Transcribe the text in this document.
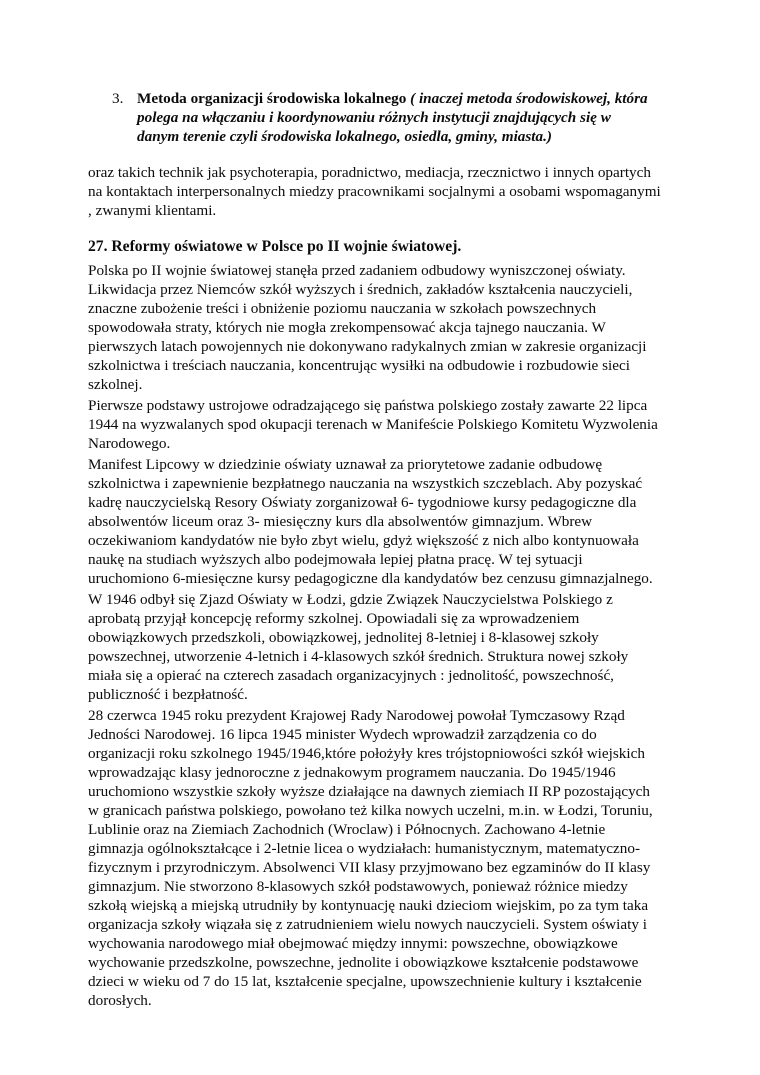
3. Metoda organizacji środowiska lokalnego ( inaczej metoda środowiskowej, która
polega na włączaniu i koordynowaniu różnych instytucji znajdujących się w
danym terenie czyli środowiska lokalnego, osiedla, gminy, miasta.)
oraz takich technik jak psychoterapia, poradnictwo, mediacja, rzecznictwo i innych opartych
na kontaktach interpersonalnych miedzy pracownikami socjalnymi a osobami wspomaganymi
, zwanymi klientami.
27. Reformy oświatowe w Polsce po II wojnie światowej.
Polska po II wojnie światowej stanęła przed zadaniem odbudowy wyniszczonej oświaty.
Likwidacja przez Niemców szkół wyższych i średnich, zakładów kształcenia nauczycieli,
znaczne zubożenie treści i obniżenie poziomu nauczania w szkołach powszechnych
spowodowała straty, których nie mogła zrekompensować akcja tajnego nauczania. W
pierwszych latach powojennych nie dokonywano radykalnych zmian w zakresie organizacji
szkolnictwa i treściach nauczania, koncentrując wysiłki na odbudowie i rozbudowie sieci
szkolnej.
Pierwsze podstawy ustrojowe odradzającego się państwa polskiego zostały zawarte 22 lipca
1944 na wyzwalanych spod okupacji terenach w Manifeście Polskiego Komitetu Wyzwolenia
Narodowego.
Manifest Lipcowy w dziedzinie oświaty uznawał za priorytetowe zadanie odbudowę
szkolnictwa i zapewnienie bezpłatnego nauczania na wszystkich szczeblach. Aby pozyskać
kadrę nauczycielską Resory Oświaty zorganizował 6- tygodniowe kursy pedagogiczne dla
absolwentów liceum oraz 3- miesięczny kurs dla absolwentów gimnazjum. Wbrew
oczekiwaniom kandydatów nie było zbyt wielu, gdyż większość z nich albo kontynuowała
naukę na studiach wyższych albo podejmowała lepiej płatna pracę. W tej sytuacji
uruchomiono 6-miesięczne kursy pedagogiczne dla kandydatów bez cenzusu gimnazjalnego.
W 1946 odbył się Zjazd Oświaty w Łodzi, gdzie Związek Nauczycielstwa Polskiego z
aprobatą przyjął koncepcję reformy szkolnej. Opowiadali się za wprowadzeniem
obowiązkowych przedszkoli, obowiązkowej, jednolitej 8-letniej i 8-klasowej szkoły
powszechnej, utworzenie 4-letnich i 4-klasowych szkół średnich. Struktura nowej szkoły
miała się a opierać na czterech zasadach organizacyjnych : jednolitość, powszechność,
publiczność i bezpłatność.
28 czerwca 1945 roku prezydent Krajowej Rady Narodowej powołał Tymczasowy Rząd
Jedności Narodowej. 16 lipca 1945 minister Wydech wprowadził zarządzenia co do
organizacji roku szkolnego 1945/1946,które położyły kres trójstopniowości szkół wiejskich
wprowadzając klasy jednoroczne z jednakowym programem nauczania. Do 1945/1946
uruchomiono wszystkie szkoły wyższe działające na dawnych ziemiach II RP pozostających
w granicach państwa polskiego, powołano też kilka nowych uczelni, m.in. w Łodzi, Toruniu,
Lublinie oraz na Ziemiach Zachodnich (Wroclaw) i Północnych. Zachowano 4-letnie
gimnazja ogólnokształcące i 2-letnie licea o wydziałach: humanistycznym, matematyczno-
fizycznym i przyrodniczym. Absolwenci VII klasy przyjmowano bez egzaminów do II klasy
gimnazjum. Nie stworzono 8-klasowych szkół podstawowych, ponieważ różnice miedzy
szkołą wiejską a miejską utrudniły by kontynuację nauki dzieciom wiejskim, po za tym taka
organizacja szkoły wiązała się z zatrudnieniem wielu nowych nauczycieli. System oświaty i
wychowania narodowego miał obejmować między innymi: powszechne, obowiązkowe
wychowanie przedszkolne, powszechne, jednolite i obowiązkowe kształcenie podstawowe
dzieci w wieku od 7 do 15 lat, kształcenie specjalne, upowszechnienie kultury i kształcenie
dorosłych.
